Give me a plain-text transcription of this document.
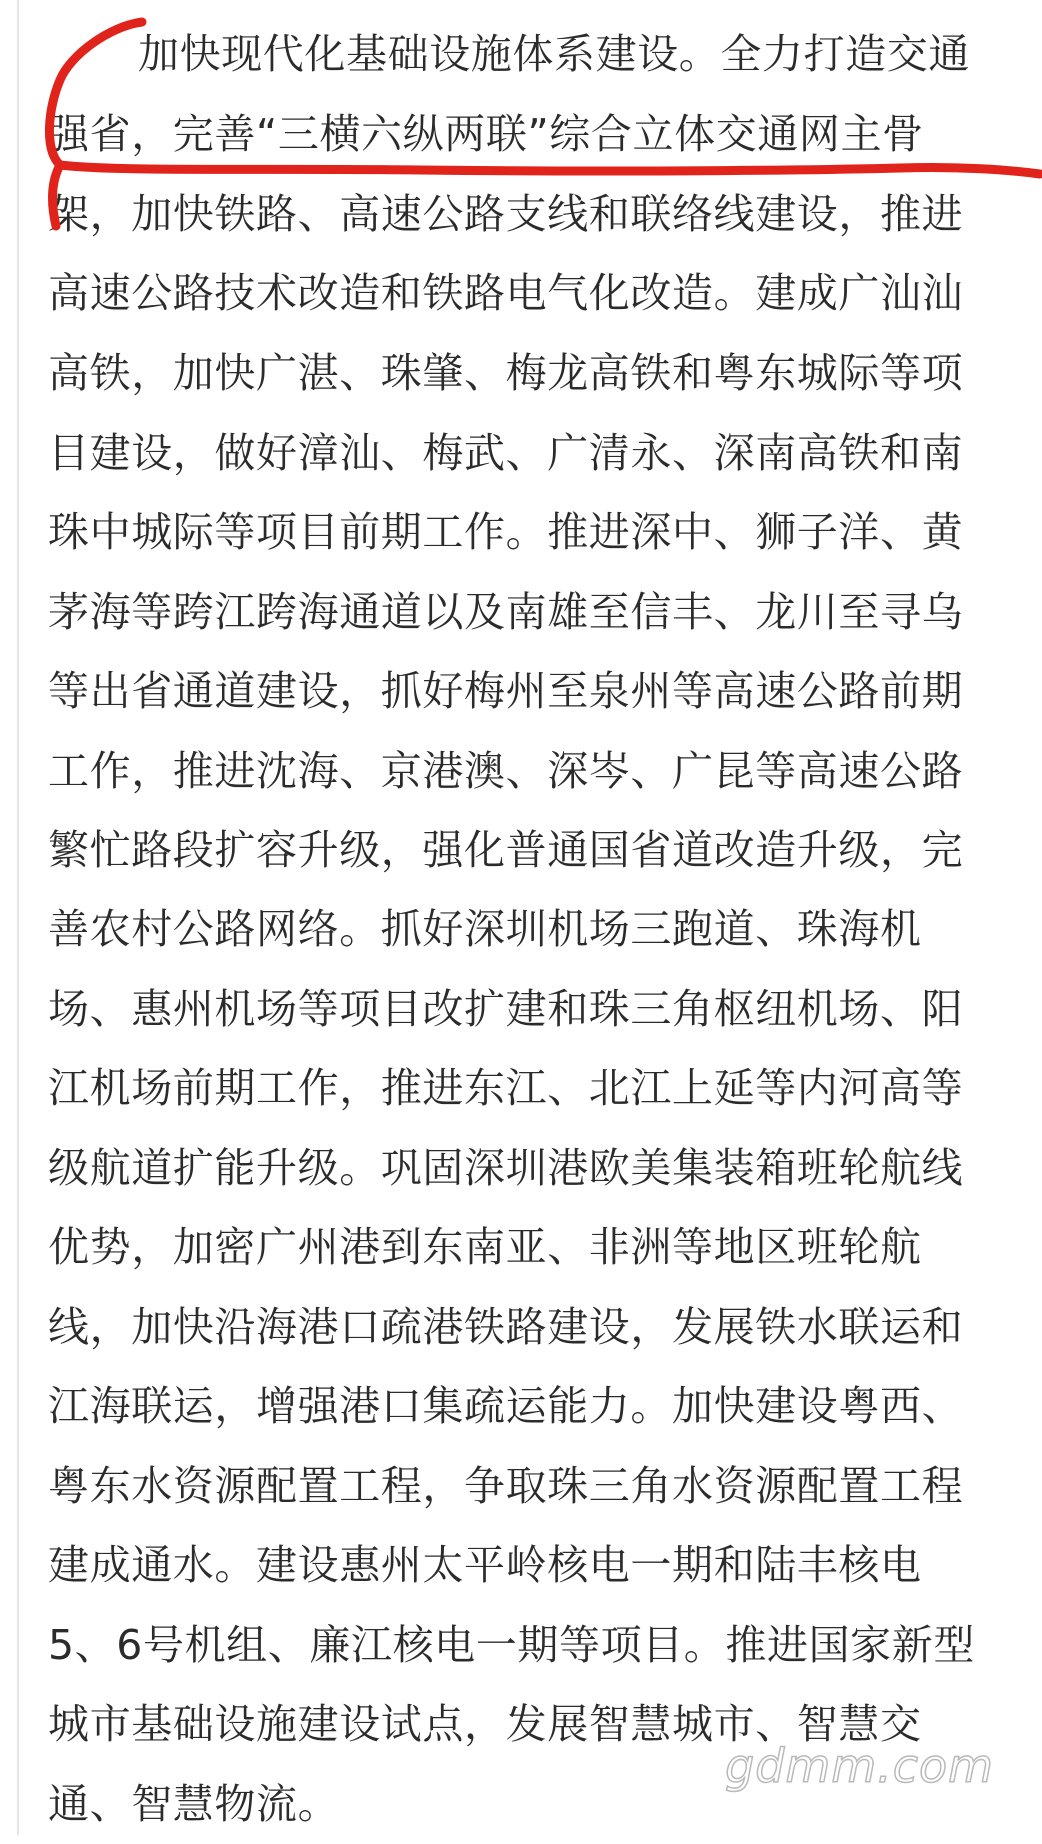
加快现代化基础设施体系建设。全力打造交通
强省，完善“三横六纵两联”综合立体交通网主骨
架，加快铁路、高速公路支线和联络线建设，推进
高速公路技术改造和铁路电气化改造。建成广汕汕
高铁，加快广湛、珠肇、梅龙高铁和粤东城际等项
目建设，做好漳汕、梅武、广清永、深南高铁和南
珠中城际等项目前期工作。推进深中、狮子洋、黄
茅海等跨江跨海通道以及南雄至信丰、龙川至寻乌
等出省通道建设，抓好梅州至泉州等高速公路前期
工作，推进沈海、京港澳、深岑、广昆等高速公路
繁忙路段扩容升级，强化普通国省道改造升级，完
善农村公路网络。抓好深圳机场三跑道、珠海机
场、惠州机场等项目改扩建和珠三角枢纽机场、阳
江机场前期工作，推进东江、北江上延等内河高等
级航道扩能升级。巩固深圳港欧美集装箱班轮航线
优势，加密广州港到东南亚、非洲等地区班轮航
线，加快沿海港口疏港铁路建设，发展铁水联运和
江海联运，增强港口集疏运能力。加快建设粤西、
粤东水资源配置工程，争取珠三角水资源配置工程
建成通水。建设惠州太平岭核电一期和陆丰核电
5、6号机组、廉江核电一期等项目。推进国家新型
城市基础设施建设试点，发展智慧城市、智慧交
通、智慧物流。
gdmm.com
